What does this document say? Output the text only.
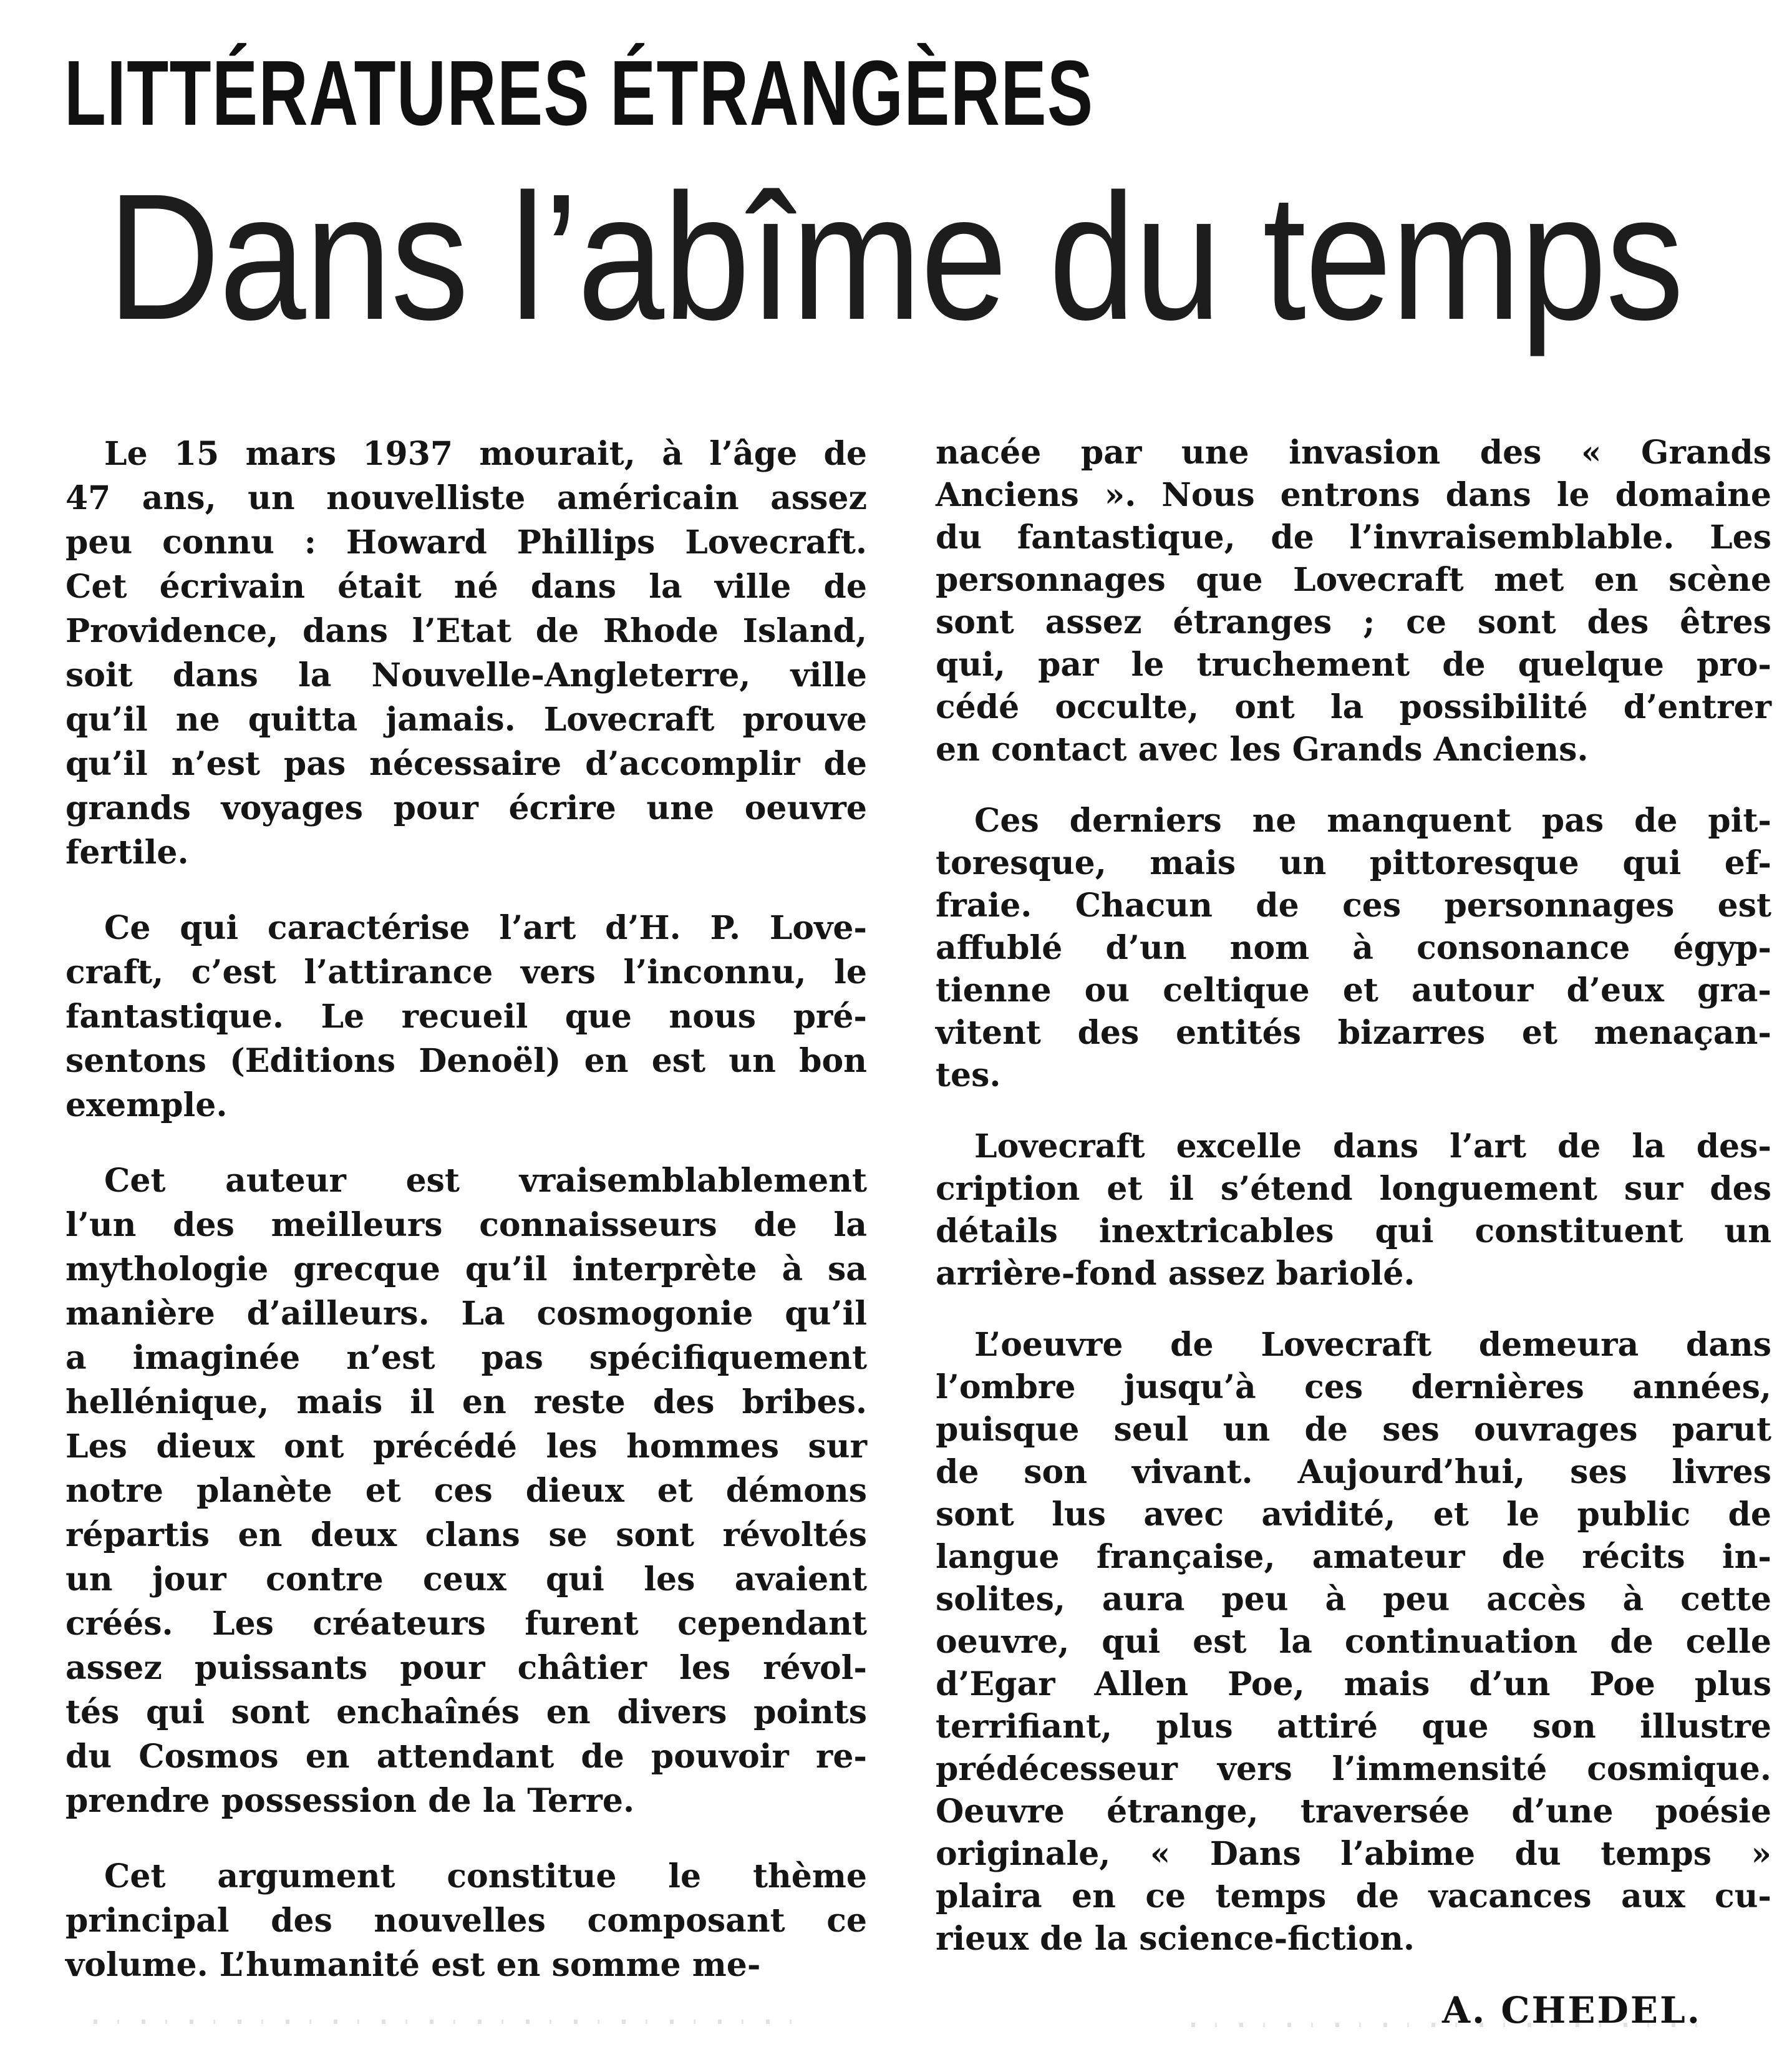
LITTÉRATURES ÉTRANGÈRES
Dans l’abîme du temps
Le 15 mars 1937 mourait, à l’âge de
47 ans, un nouvelliste américain assez
peu connu : Howard Phillips Lovecraft.
Cet écrivain était né dans la ville de
Providence, dans l’Etat de Rhode Island,
soit dans la Nouvelle-Angleterre, ville
qu’il ne quitta jamais. Lovecraft prouve
qu’il n’est pas nécessaire d’accomplir de
grands voyages pour écrire une oeuvre
fertile.
Ce qui caractérise l’art d’H. P. Love-
craft, c’est l’attirance vers l’inconnu, le
fantastique. Le recueil que nous pré-
sentons (Editions Denoël) en est un bon
exemple.
Cet auteur est vraisemblablement
l’un des meilleurs connaisseurs de la
mythologie grecque qu’il interprète à sa
manière d’ailleurs. La cosmogonie qu’il
a imaginée n’est pas spécifiquement
hellénique, mais il en reste des bribes.
Les dieux ont précédé les hommes sur
notre planète et ces dieux et démons
répartis en deux clans se sont révoltés
un jour contre ceux qui les avaient
créés. Les créateurs furent cependant
assez puissants pour châtier les révol-
tés qui sont enchaînés en divers points
du Cosmos en attendant de pouvoir re-
prendre possession de la Terre.
Cet argument constitue le thème
principal des nouvelles composant ce
volume. L’humanité est en somme me-
nacée par une invasion des « Grands
Anciens ». Nous entrons dans le domaine
du fantastique, de l’invraisemblable. Les
personnages que Lovecraft met en scène
sont assez étranges ; ce sont des êtres
qui, par le truchement de quelque pro-
cédé occulte, ont la possibilité d’entrer
en contact avec les Grands Anciens.
Ces derniers ne manquent pas de pit-
toresque, mais un pittoresque qui ef-
fraie. Chacun de ces personnages est
affublé d’un nom à consonance égyp-
tienne ou celtique et autour d’eux gra-
vitent des entités bizarres et menaçan-
tes.
Lovecraft excelle dans l’art de la des-
cription et il s’étend longuement sur des
détails inextricables qui constituent un
arrière-fond assez bariolé.
L’oeuvre de Lovecraft demeura dans
l’ombre jusqu’à ces dernières années,
puisque seul un de ses ouvrages parut
de son vivant. Aujourd’hui, ses livres
sont lus avec avidité, et le public de
langue française, amateur de récits in-
solites, aura peu à peu accès à cette
oeuvre, qui est la continuation de celle
d’Egar Allen Poe, mais d’un Poe plus
terrifiant, plus attiré que son illustre
prédécesseur vers l’immensité cosmique.
Oeuvre étrange, traversée d’une poésie
originale, « Dans l’abime du temps »
plaira en ce temps de vacances aux cu-
rieux de la science-fiction.
A. CHEDEL.
